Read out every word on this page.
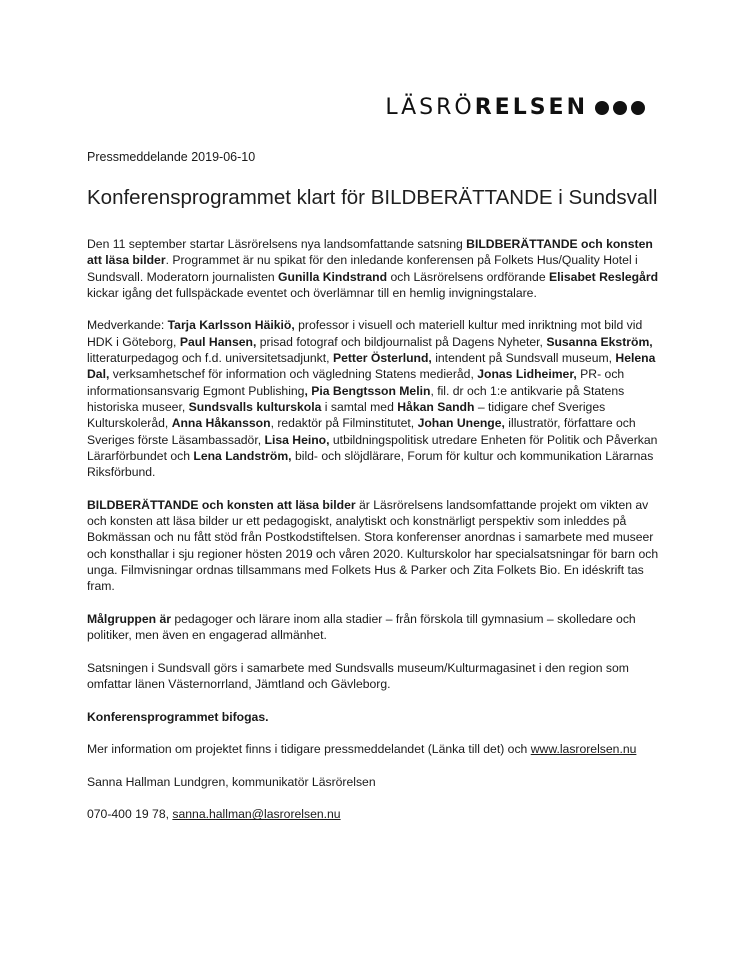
LÄSRÖ RELSEN
Pressmeddelande 2019-06-10
Konferensprogrammet klart för BILDBERÄTTANDE i Sundsvall

Den 11 september startar Läsrörelsens nya landsomfattande satsning BILDBERÄTTANDE och konsten att läsa bilder. Programmet är nu spikat för den inledande konferensen på Folkets Hus/Quality Hotel i Sundsvall. Moderatorn journalisten Gunilla Kindstrand och Läsrörelsens ordförande Elisabet Reslegård kickar igång det fullspäckade eventet och överlämnar till en hemlig invigningstalare.

Medverkande: Tarja Karlsson Häikiö, professor i visuell och materiell kultur med inriktning mot bild vid HDK i Göteborg, Paul Hansen, prisad fotograf och bildjournalist på Dagens Nyheter, Susanna Ekström, litteraturpedagog och f.d. universitetsadjunkt, Petter Österlund, intendent på Sundsvall museum, Helena Dal, verksamhetschef för information och vägledning Statens medieråd, Jonas Lidheimer, PR- och informationsansvarig Egmont Publishing, Pia Bengtsson Melin, fil. dr och 1:e antikvarie på Statens historiska museer, Sundsvalls kulturskola i samtal med Håkan Sandh – tidigare chef Sveriges Kulturskoleråd, Anna Håkansson, redaktör på Filminstitutet, Johan Unenge, illustratör, författare och Sveriges förste Läsambassadör, Lisa Heino, utbildningspolitisk utredare Enheten för Politik och Påverkan Lärarförbundet och Lena Landström, bild- och slöjdlärare, Forum för kultur och kommunikation Lärarnas Riksförbund.

BILDBERÄTTANDE och konsten att läsa bilder är Läsrörelsens landsomfattande projekt om vikten av och konsten att läsa bilder ur ett pedagogiskt, analytiskt och konstnärligt perspektiv som inleddes på Bokmässan och nu fått stöd från Postkodstiftelsen. Stora konferenser anordnas i samarbete med museer och konsthallar i sju regioner hösten 2019 och våren 2020. Kulturskolor har specialsatsningar för barn och unga. Filmvisningar ordnas tillsammans med Folkets Hus & Parker och Zita Folkets Bio. En idéskrift tas fram.

Målgruppen är pedagoger och lärare inom alla stadier – från förskola till gymnasium – skolledare och politiker, men även en engagerad allmänhet.

Satsningen i Sundsvall görs i samarbete med Sundsvalls museum/Kulturmagasinet i den region som omfattar länen Västernorrland, Jämtland och Gävleborg.

Konferensprogrammet bifogas.

Mer information om projektet finns i tidigare pressmeddelandet (Länka till det) och www.lasrorelsen.nu

Sanna Hallman Lundgren, kommunikatör Läsrörelsen

070-400 19 78, sanna.hallman@lasrorelsen.nu
